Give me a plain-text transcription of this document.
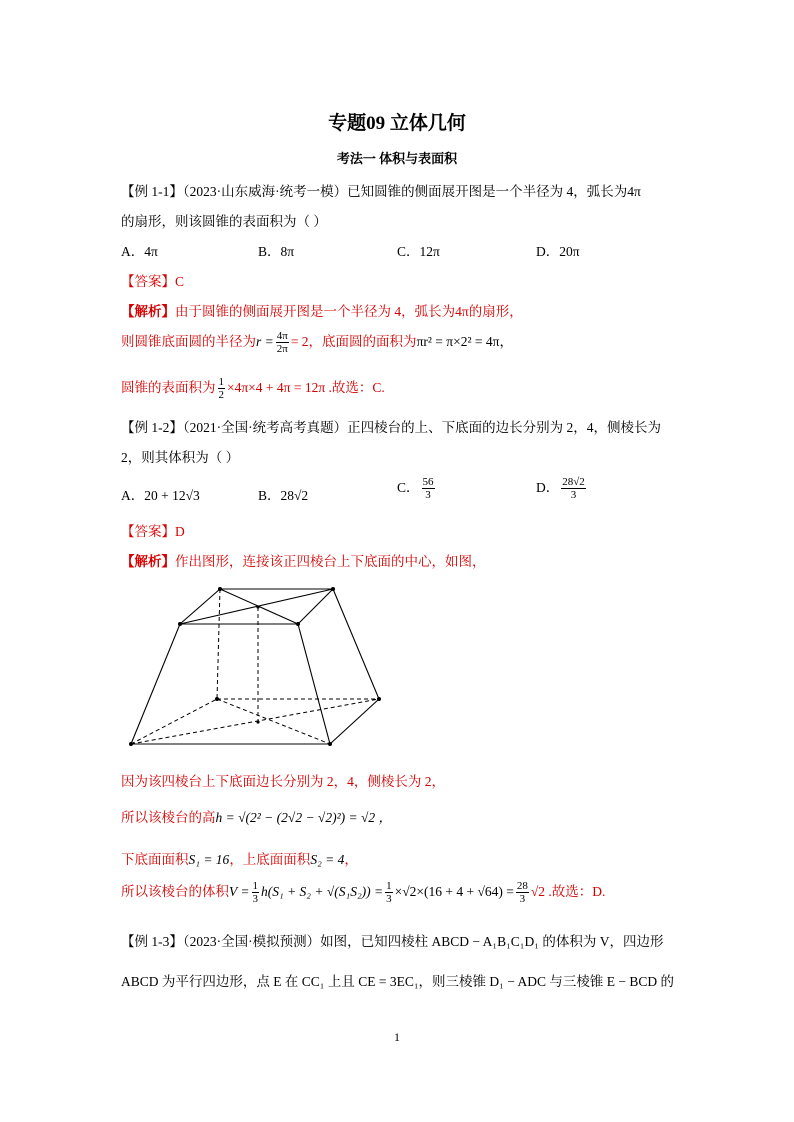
专题09 立体几何
考法一 体积与表面积
【例 1-1】（2023·山东威海·统考一模）已知圆锥的侧面展开图是一个半径为 4，弧长为4π
的扇形，则该圆锥的表面积为（ ）
A．4π	B．8π	C．12π	D．20π
【答案】C
【解析】由于圆锥的侧面展开图是一个半径为 4，弧长为4π的扇形，
则圆锥底面圆的半径为$r = \frac{4\pi}{2\pi} = 2$，底面圆的面积为πr² = π×2² = 4π，
圆锥的表面积为 $\frac{1}{2} \times 4\pi\times 4 + 4\pi = 12\pi$ .故选：C.
【例 1-2】（2021·全国·统考高考真题）正四棱台的上、下底面的边长分别为 2，4，侧棱长为
2，则其体积为（ ）
A．20 + 12√3	B．28√2
C． $\frac{56}{3}$	D． $\frac{28√2}{3}$
【答案】D
【解析】作出图形，连接该正四棱台上下底面的中心，如图，
因为该四棱台上下底面边长分别为 2，4，侧棱长为 2，
所以该棱台的高h = √(2² − (2√2 − √2)²) = √2 ，
下底面面积S₁ = 16，上底面面积S₂ = 4，
所以该棱台的体积$V = \frac{1}{3} h(S_1 + S_2 + √(S_1S_2)) = \frac{1}{3} \times√2\times(16 + 4 + √64) = \frac{28}{3} √2$ .故选：D.
【例 1-3】（2023·全国·模拟预测）如图，已知四棱柱 ABCD − A₁B₁C₁D₁ 的体积为 V，四边形
ABCD 为平行四边形，点 E 在 CC₁ 上且 CE = 3EC₁，则三棱锥 D₁ − ADC 与三棱锥 E − BCD 的
1
